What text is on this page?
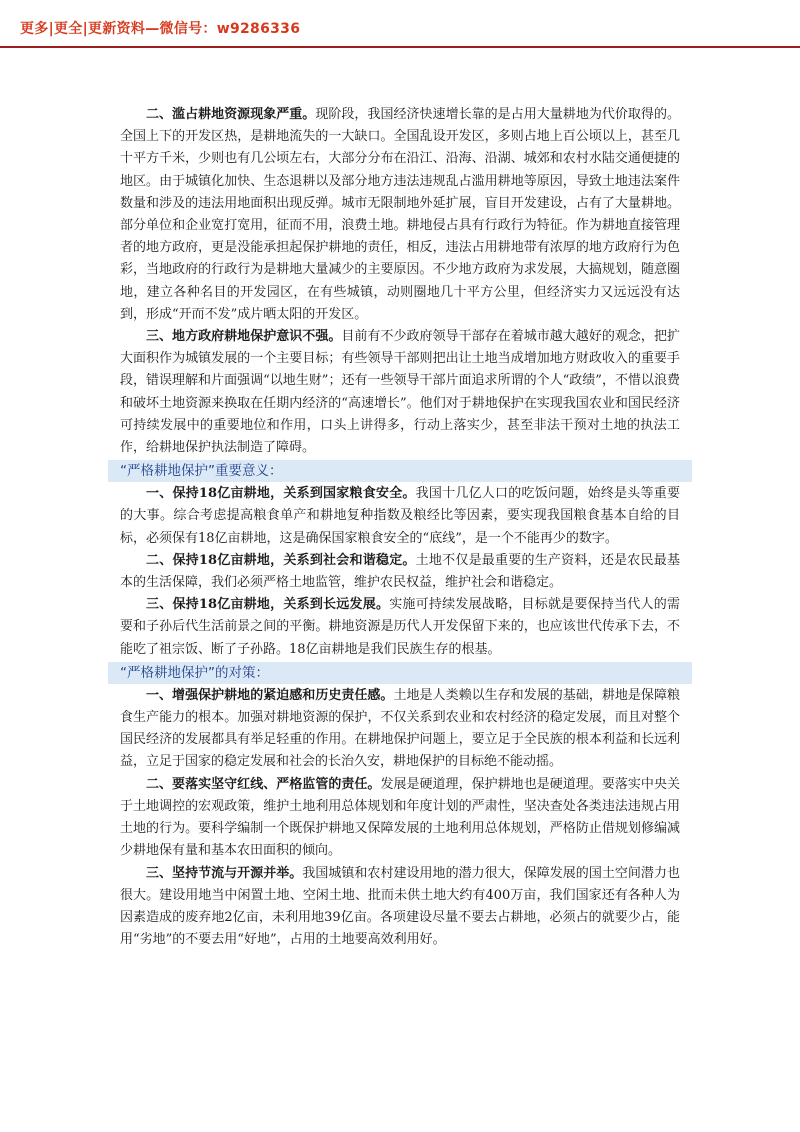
更多|更全|更新资料—微信号：w9286336

二、滥占耕地资源现象严重。现阶段，我国经济快速增长靠的是占用大量耕地为代价取得的。全国上下的开发区热，是耕地流失的一大缺口。全国乱设开发区，多则占地上百公顷以上，甚至几十平方千米，少则也有几公顷左右，大部分分布在沿江、沿海、沿湖、城郊和农村水陆交通便捷的地区。由于城镇化加快、生态退耕以及部分地方违法违规乱占滥用耕地等原因，导致土地违法案件数量和涉及的违法用地面积出现反弹。城市无限制地外延扩展，盲目开发建设，占有了大量耕地。部分单位和企业宽打宽用，征而不用，浪费土地。耕地侵占具有行政行为特征。作为耕地直接管理者的地方政府，更是没能承担起保护耕地的责任，相反，违法占用耕地带有浓厚的地方政府行为色彩，当地政府的行政行为是耕地大量减少的主要原因。不少地方政府为求发展，大搞规划，随意圈地，建立各种名目的开发园区，在有些城镇，动则圈地几十平方公里，但经济实力又远远没有达到，形成“开而不发”成片晒太阳的开发区。

三、地方政府耕地保护意识不强。目前有不少政府领导干部存在着城市越大越好的观念，把扩大面积作为城镇发展的一个主要目标；有些领导干部则把出让土地当成增加地方财政收入的重要手段，错误理解和片面强调“以地生财”；还有一些领导干部片面追求所谓的个人“政绩”，不惜以浪费和破坏土地资源来换取在任期内经济的“高速增长”。他们对于耕地保护在实现我国农业和国民经济可持续发展中的重要地位和作用，口头上讲得多，行动上落实少，甚至非法干预对土地的执法工作，给耕地保护执法制造了障碍。

“严格耕地保护”重要意义：

一、保持18亿亩耕地，关系到国家粮食安全。我国十几亿人口的吃饭问题，始终是头等重要的大事。综合考虑提高粮食单产和耕地复种指数及粮经比等因素，要实现我国粮食基本自给的目标，必须保有18亿亩耕地，这是确保国家粮食安全的“底线”，是一个不能再少的数字。

二、保持18亿亩耕地，关系到社会和谐稳定。土地不仅是最重要的生产资料，还是农民最基本的生活保障，我们必须严格土地监管，维护农民权益，维护社会和谐稳定。

三、保持18亿亩耕地，关系到长远发展。实施可持续发展战略，目标就是要保持当代人的需要和子孙后代生活前景之间的平衡。耕地资源是历代人开发保留下来的，也应该世代传承下去，不能吃了祖宗饭、断了子孙路。18亿亩耕地是我们民族生存的根基。

“严格耕地保护”的对策：

一、增强保护耕地的紧迫感和历史责任感。土地是人类赖以生存和发展的基础，耕地是保障粮食生产能力的根本。加强对耕地资源的保护，不仅关系到农业和农村经济的稳定发展，而且对整个国民经济的发展都具有举足轻重的作用。在耕地保护问题上，要立足于全民族的根本利益和长远利益，立足于国家的稳定发展和社会的长治久安，耕地保护的目标绝不能动摇。

二、要落实坚守红线、严格监管的责任。发展是硬道理，保护耕地也是硬道理。要落实中央关于土地调控的宏观政策，维护土地利用总体规划和年度计划的严肃性，坚决查处各类违法违规占用土地的行为。要科学编制一个既保护耕地又保障发展的土地利用总体规划，严格防止借规划修编减少耕地保有量和基本农田面积的倾向。

三、坚持节流与开源并举。我国城镇和农村建设用地的潜力很大，保障发展的国土空间潜力也很大。建设用地当中闲置土地、空闲土地、批而未供土地大约有400万亩，我们国家还有各种人为因素造成的废弃地2亿亩，未利用地39亿亩。各项建设尽量不要去占耕地，必须占的就要少占，能用“劣地”的不要去用“好地”，占用的土地要高效利用好。
